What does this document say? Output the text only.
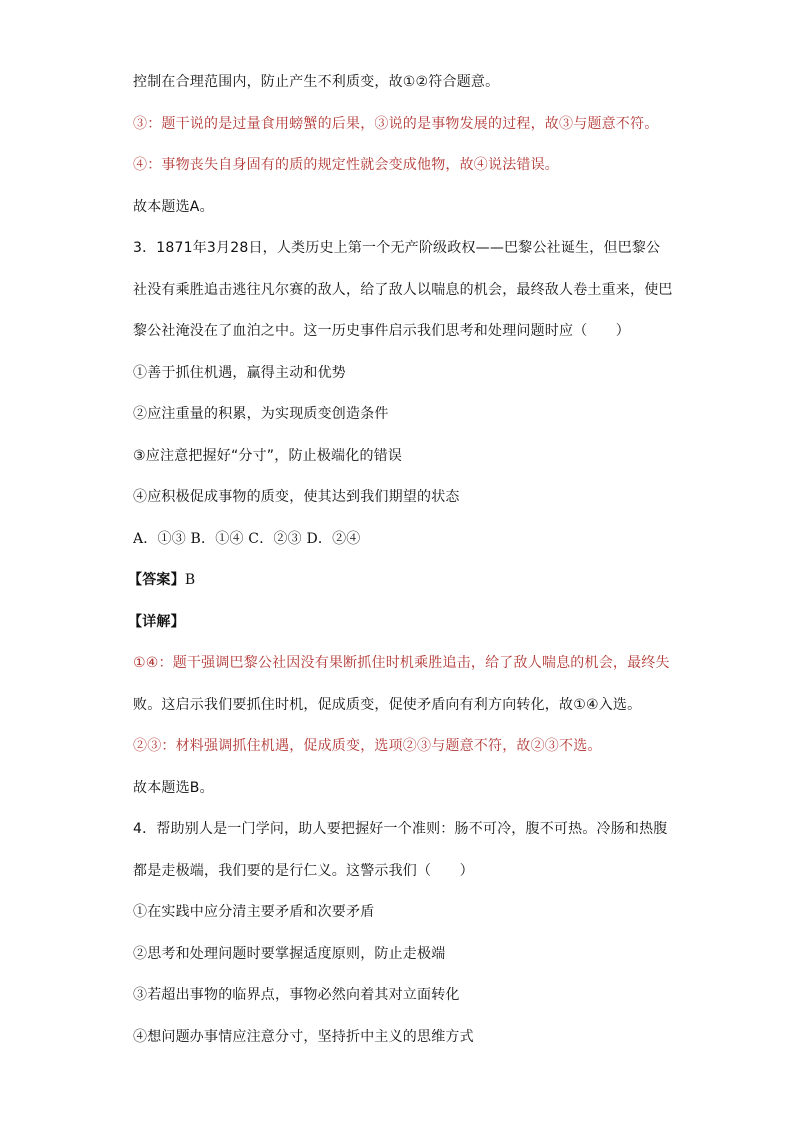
控制在合理范围内，防止产生不利质变，故①②符合题意。
③：题干说的是过量食用螃蟹的后果，③说的是事物发展的过程，故③与题意不符。
④：事物丧失自身固有的质的规定性就会变成他物，故④说法错误。
故本题选A。
3．1871年3月28日，人类历史上第一个无产阶级政权——巴黎公社诞生，但巴黎公
社没有乘胜追击逃往凡尔赛的敌人，给了敌人以喘息的机会，最终敌人卷土重来，使巴
黎公社淹没在了血泊之中。这一历史事件启示我们思考和处理问题时应（　　）
①善于抓住机遇，赢得主动和优势
②应注重量的积累，为实现质变创造条件
③应注意把握好“分寸”，防止极端化的错误
④应积极促成事物的质变，使其达到我们期望的状态
A．①③ B．①④ C．②③ D．②④
【答案】B
【详解】
①④：题干强调巴黎公社因没有果断抓住时机乘胜追击，给了敌人喘息的机会，最终失
败。这启示我们要抓住时机，促成质变，促使矛盾向有利方向转化，故①④入选。
②③：材料强调抓住机遇，促成质变，选项②③与题意不符，故②③不选。
故本题选B。
4．帮助别人是一门学问，助人要把握好一个准则：肠不可冷，腹不可热。冷肠和热腹
都是走极端，我们要的是行仁义。这警示我们（　　）
①在实践中应分清主要矛盾和次要矛盾
②思考和处理问题时要掌握适度原则，防止走极端
③若超出事物的临界点，事物必然向着其对立面转化
④想问题办事情应注意分寸，坚持折中主义的思维方式
